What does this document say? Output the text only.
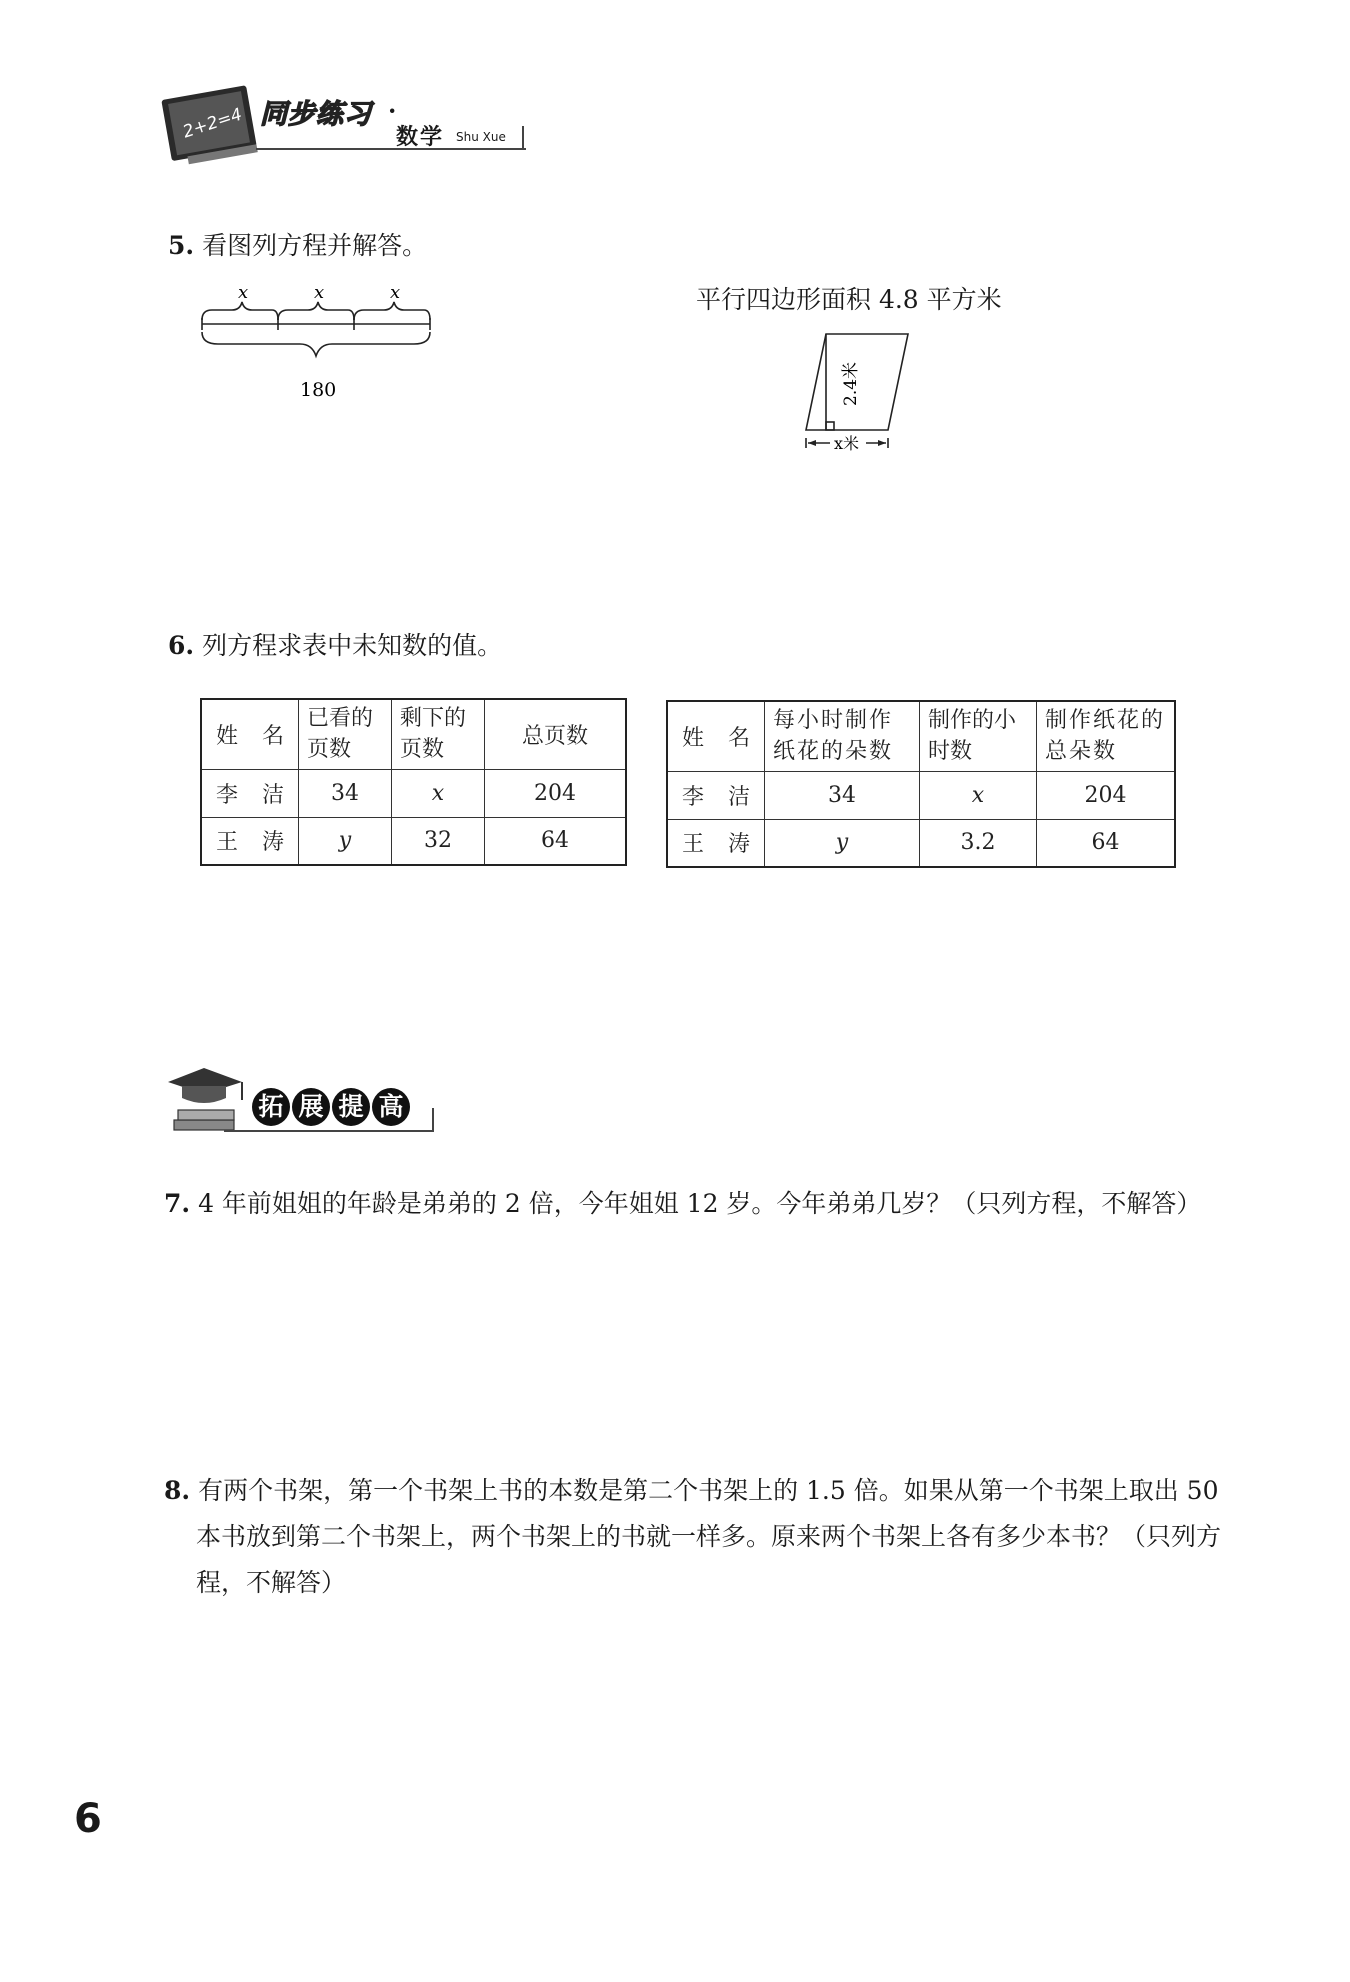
2+2=4 同步练习 ·
数学 Shu Xue
5. 看图列方程并解答。
x	x	x
180
平行四边形面积 4.8 平方米
x米
2.4米
6. 列方程求表中未知数的值。
姓　名	已看的页数	剩下的页数	总页数
李　洁	34	x	204
王　涛	y	32	64
姓　名	每小时制作纸花的朵数	制作的小时数	制作纸花的总朵数
李　洁	34	x	204
王　涛	y	3.2	64
拓 展 提 高
7. 4 年前姐姐的年龄是弟弟的 2 倍，今年姐姐 12 岁。今年弟弟几岁？（只列方程，不解答）
8. 有两个书架，第一个书架上书的本数是第二个书架上的 1.5 倍。如果从第一个书架上取出 50 本书放到第二个书架上，两个书架上的书就一样多。原来两个书架上各有多少本书？（只列方程，不解答）
6
